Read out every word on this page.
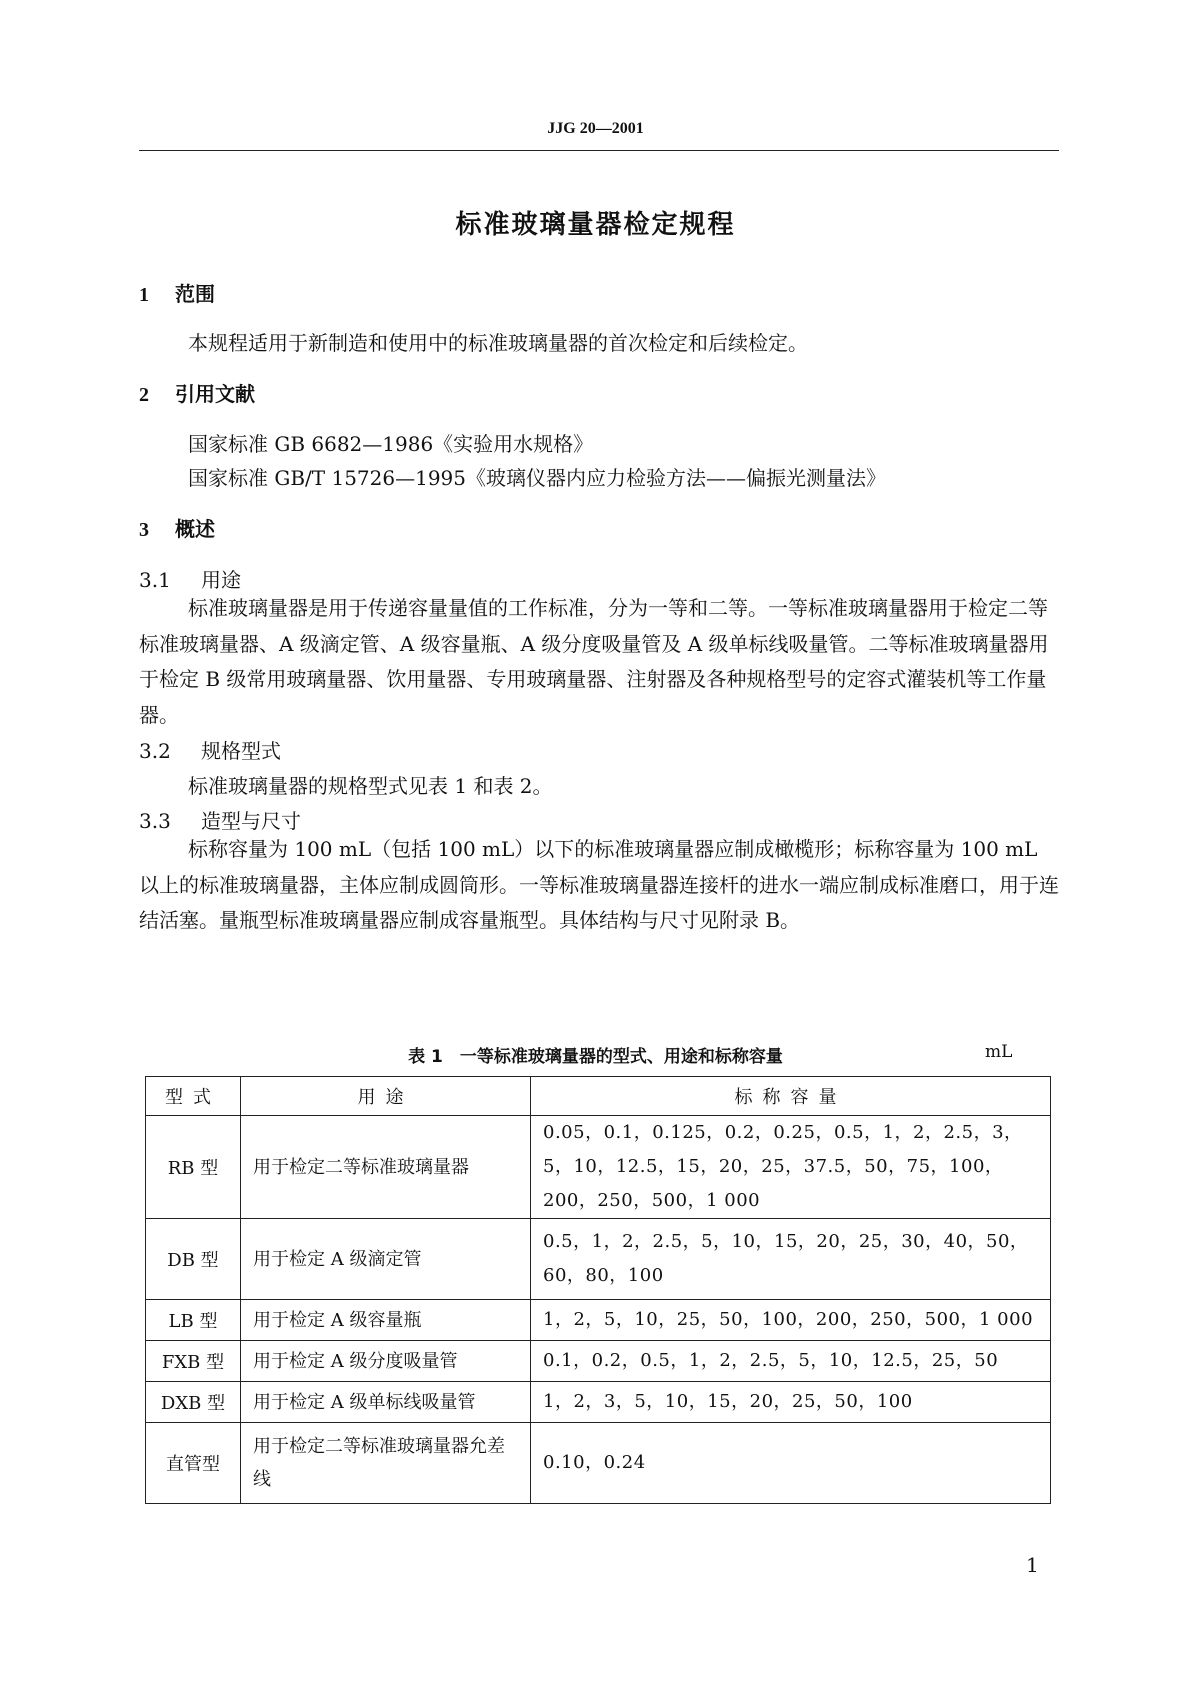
JJG 20—2001
标准玻璃量器检定规程
1 范围
本规程适用于新制造和使用中的标准玻璃量器的首次检定和后续检定。
2 引用文献
国家标准 GB 6682—1986《实验用水规格》
国家标准 GB/T 15726—1995《玻璃仪器内应力检验方法——偏振光测量法》
3 概述
3.1 用途
标准玻璃量器是用于传递容量量值的工作标准，分为一等和二等。一等标准玻璃量器用于检定二等标准玻璃量器、A 级滴定管、A 级容量瓶、A 级分度吸量管及 A 级单标线吸量管。二等标准玻璃量器用于检定 B 级常用玻璃量器、饮用量器、专用玻璃量器、注射器及各种规格型号的定容式灌装机等工作量器。
3.2 规格型式
标准玻璃量器的规格型式见表 1 和表 2。
3.3 造型与尺寸
标称容量为 100 mL（包括 100 mL）以下的标准玻璃量器应制成橄榄形；标称容量为 100 mL 以上的标准玻璃量器，主体应制成圆筒形。一等标准玻璃量器连接杆的进水一端应制成标准磨口，用于连结活塞。量瓶型标准玻璃量器应制成容量瓶型。具体结构与尺寸见附录 B。
表 1　一等标准玻璃量器的型式、用途和标称容量	mL
型式	用途	标称容量
RB 型	用于检定二等标准玻璃量器	0.05，0.1，0.125，0.2，0.25，0.5，1，2，2.5，3，5，10，12.5，15，20，25，37.5，50，75，100，200，250，500，1 000
DB 型	用于检定 A 级滴定管	0.5，1，2，2.5，5，10，15，20，25，30，40，50，60，80，100
LB 型	用于检定 A 级容量瓶	1，2，5，10，25，50，100，200，250，500，1 000
FXB 型	用于检定 A 级分度吸量管	0.1，0.2，0.5，1，2，2.5，5，10，12.5，25，50
DXB 型	用于检定 A 级单标线吸量管	1，2，3，5，10，15，20，25，50，100
直管型	用于检定二等标准玻璃量器允差线	0.10，0.24
1
